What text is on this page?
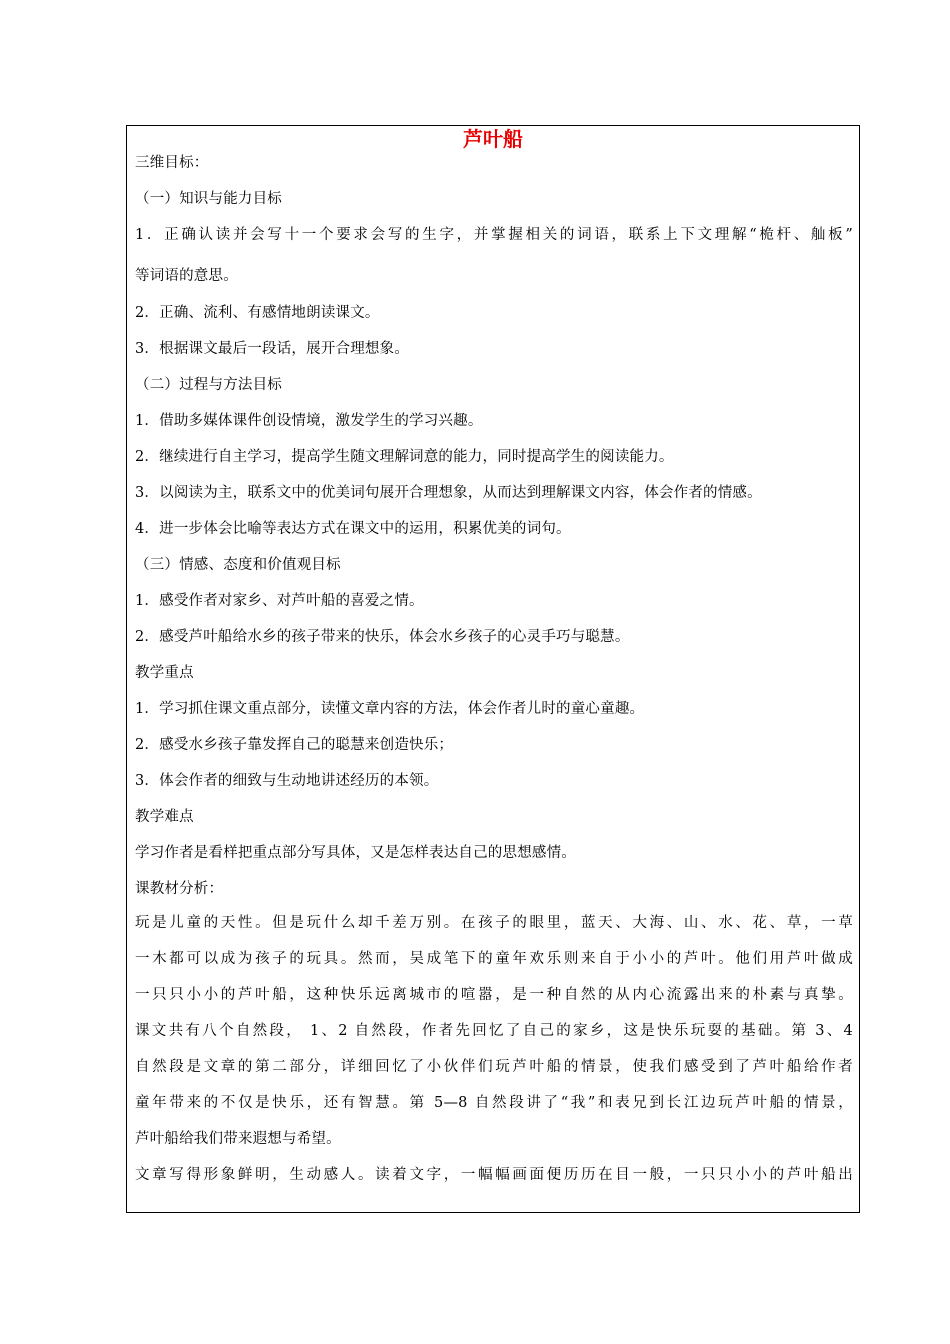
芦叶船
三维目标：
（一）知识与能力目标
1．正确认读并会写十一个要求会写的生字，并掌握相关的词语，联系上下文理解“桅杆、舢板”
等词语的意思。
2．正确、流利、有感情地朗读课文。
3．根据课文最后一段话，展开合理想象。
（二）过程与方法目标
1．借助多媒体课件创设情境，激发学生的学习兴趣。
2．继续进行自主学习，提高学生随文理解词意的能力，同时提高学生的阅读能力。
3．以阅读为主，联系文中的优美词句展开合理想象，从而达到理解课文内容，体会作者的情感。
4．进一步体会比喻等表达方式在课文中的运用，积累优美的词句。
（三）情感、态度和价值观目标
1．感受作者对家乡、对芦叶船的喜爱之情。
2．感受芦叶船给水乡的孩子带来的快乐，体会水乡孩子的心灵手巧与聪慧。
教学重点
1．学习抓住课文重点部分，读懂文章内容的方法，体会作者儿时的童心童趣。
2．感受水乡孩子靠发挥自己的聪慧来创造快乐；
3．体会作者的细致与生动地讲述经历的本领。
教学难点
学习作者是看样把重点部分写具体，又是怎样表达自己的思想感情。
课教材分析：
玩是儿童的天性。但是玩什么却千差万别。在孩子的眼里，蓝天、大海、山、水、花、草，一草
一木都可以成为孩子的玩具。然而，吴成笔下的童年欢乐则来自于小小的芦叶。他们用芦叶做成
一只只小小的芦叶船，这种快乐远离城市的喧嚣，是一种自然的从内心流露出来的朴素与真挚。
课文共有八个自然段， 1、2 自然段，作者先回忆了自己的家乡，这是快乐玩耍的基础。第 3、4
自然段是文章的第二部分，详细回忆了小伙伴们玩芦叶船的情景，使我们感受到了芦叶船给作者
童年带来的不仅是快乐，还有智慧。第 5—8 自然段讲了“我”和表兄到长江边玩芦叶船的情景，
芦叶船给我们带来遐想与希望。
文章写得形象鲜明，生动感人。读着文字，一幅幅画面便历历在目一般，一只只小小的芦叶船出
